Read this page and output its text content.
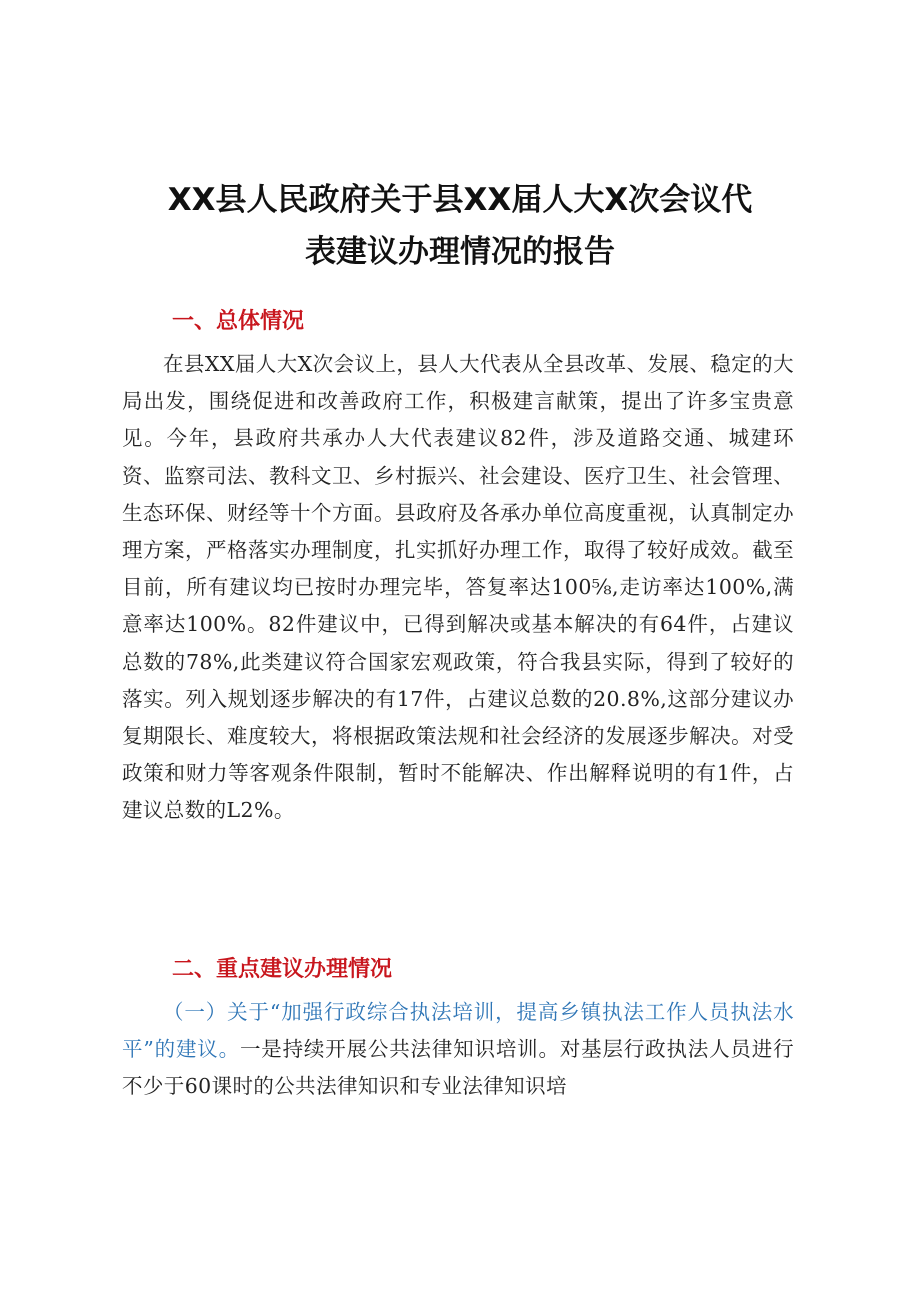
XX县人民政府关于县XX届人大X次会议代
表建议办理情况的报告
一、总体情况

在县XX届人大X次会议上，县人大代表从全县改革、发展、稳定的大局出发，围绕促进和改善政府工作，积极建言献策，提出了许多宝贵意见。今年，县政府共承办人大代表建议82件，涉及道路交通、城建环资、监察司法、教科文卫、乡村振兴、社会建设、医疗卫生、社会管理、生态环保、财经等十个方面。县政府及各承办单位高度重视，认真制定办理方案，严格落实办理制度，扎实抓好办理工作，取得了较好成效。截至目前，所有建议均已按时办理完毕，答复率达100⅝,走访率达100%,满意率达100%。82件建议中，已得到解决或基本解决的有64件，占建议总数的78%,此类建议符合国家宏观政策，符合我县实际，得到了较好的落实。列入规划逐步解决的有17件，占建议总数的20.8%,这部分建议办复期限长、难度较大，将根据政策法规和社会经济的发展逐步解决。对受政策和财力等客观条件限制，暂时不能解决、作出解释说明的有1件，占建议总数的L2%。

二、重点建议办理情况

（一）关于“加强行政综合执法培训，提高乡镇执法工作人员执法水平”的建议。一是持续开展公共法律知识培训。对基层行政执法人员进行不少于60课时的公共法律知识和专业法律知识培
